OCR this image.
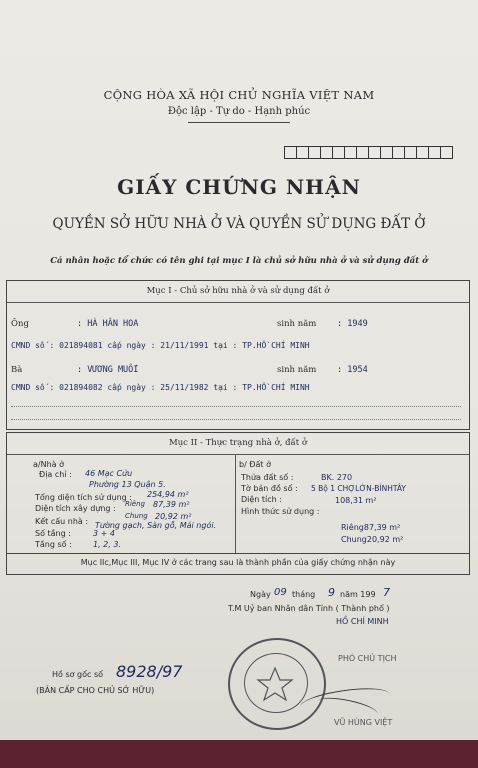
CỘNG HÒA XÃ HỘI CHỦ NGHĨA VIỆT NAM
Độc lập - Tự do - Hạnh phúc
GIẤY CHỨNG NHẬN
QUYỀN SỞ HỮU NHÀ Ở VÀ QUYỀN SỬ DỤNG ĐẤT Ở
Cá nhân hoặc tổ chức có tên ghi tại mục I là chủ sở hữu nhà ở và sử dụng đất ở
Mục I - Chủ sở hữu nhà ở và sử dụng đất ở
Ông	: HÀ HÂN HOA	sinh năm : 1949
CMND số : 021894081 cấp ngày : 21/11/1991 tại : TP.HỒ CHÍ MINH
Bà	: VƯƠNG MUỐI	sinh năm : 1954
CMND số : 021894082 cấp ngày : 25/11/1982 tại : TP.HỒ CHÍ MINH
Mục II - Thực trạng nhà ở, đất ở
a/Nhà ở
Địa chỉ : 46 Mạc Cửu
Phường 13 Quận 5.
Tổng diện tích sử dụng : 254,94 m²
Diện tích xây dựng : Riêng 87,39 m²
Chung 20,92 m²
Kết cấu nhà : Tường gạch, Sàn gỗ, Mái ngói.
Số tầng :	3 + 4
Tầng số :	1, 2, 3.
b/ Đất ở
Thửa đất số :	BK. 270
Tờ bản đồ số : 5 Bộ 1 CHỢLỚN-BÌNHTÂY
Diện tích :	108,31 m²
Hình thức sử dụng :
Riêng87,39 m²
Chung20,92 m²
Mục IIc,Mục III, Mục IV ở các trang sau là thành phần của giấy chứng nhận này
Ngày 09 tháng 9 năm 199 7
T.M Uỷ ban Nhân dân Tỉnh ( Thành phố )
HỒ CHÍ MINH
PHÓ CHỦ TỊCH
VŨ HÙNG VIỆT
Hồ sơ gốc số 8928/97
(BẢN CẤP CHO CHỦ SỞ HỮU)
